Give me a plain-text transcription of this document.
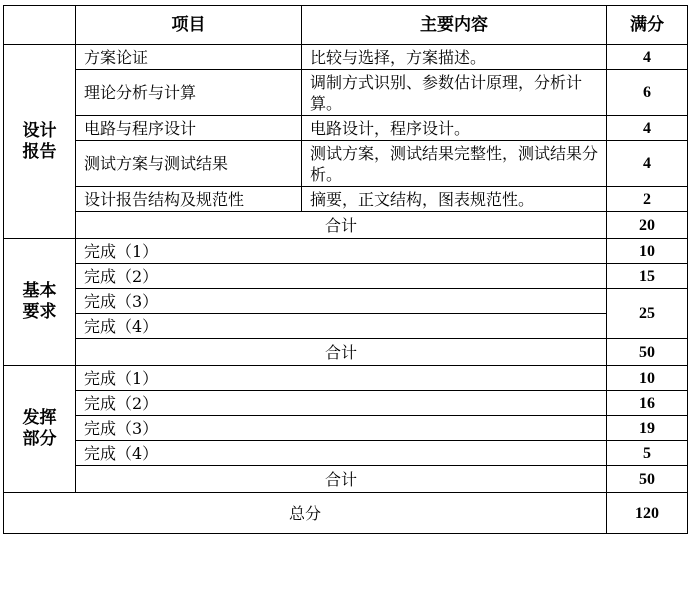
	项目	主要内容	满分

设计
报告	方案论证	比较与选择，方案描述。	4
	理论分析与计算	调制方式识别、参数估计原理，分析计算。	6
	电路与程序设计	电路设计，程序设计。	4
	测试方案与测试结果	测试方案，测试结果完整性，测试结果分析。	4
	设计报告结构及规范性	摘要，正文结构，图表规范性。	2
	合计		20

基本
要求	完成（1）		10
	完成（2）		15
	完成（3）		25
	完成（4）		
	合计		50

发挥
部分	完成（1）		10
	完成（2）		16
	完成（3）		19
	完成（4）		5
	合计		50
总分			120
